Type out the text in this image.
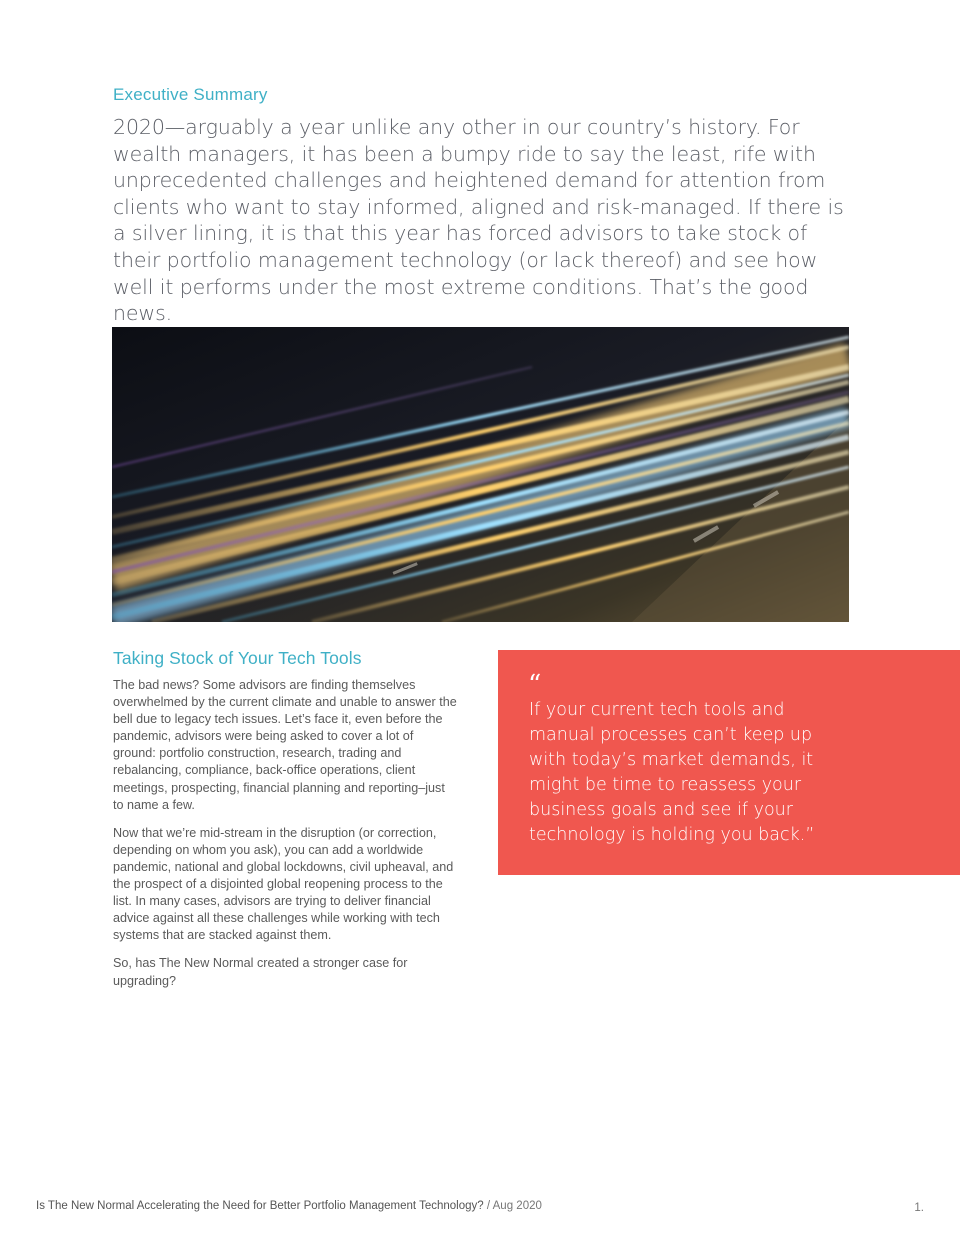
Executive Summary
2020—arguably a year unlike any other in our country’s history. For wealth managers, it has been a bumpy ride to say the least, rife with unprecedented challenges and heightened demand for attention from clients who want to stay informed, aligned and risk-managed. If there is a silver lining, it is that this year has forced advisors to take stock of their portfolio management technology (or lack thereof) and see how well it performs under the most extreme conditions. That’s the good news.
Taking Stock of Your Tech Tools

The bad news? Some advisors are finding themselves overwhelmed by the current climate and unable to answer the bell due to legacy tech issues. Let’s face it, even before the pandemic, advisors were being asked to cover a lot of ground: portfolio construction, research, trading and rebalancing, compliance, back-office operations, client meetings, prospecting, financial planning and reporting–just to name a few.

Now that we’re mid-stream in the disruption (or correction, depending on whom you ask), you can add a worldwide pandemic, national and global lockdowns, civil upheaval, and the prospect of a disjointed global reopening process to the list. In many cases, advisors are trying to deliver financial advice against all these challenges while working with tech systems that are stacked against them.

So, has The New Normal created a stronger case for upgrading?

“
If your current tech tools and manual processes can’t keep up with today’s market demands, it might be time to reassess your business goals and see if your technology is holding you back.”
Is The New Normal Accelerating the Need for Better Portfolio Management Technology? / Aug 2020	1.
